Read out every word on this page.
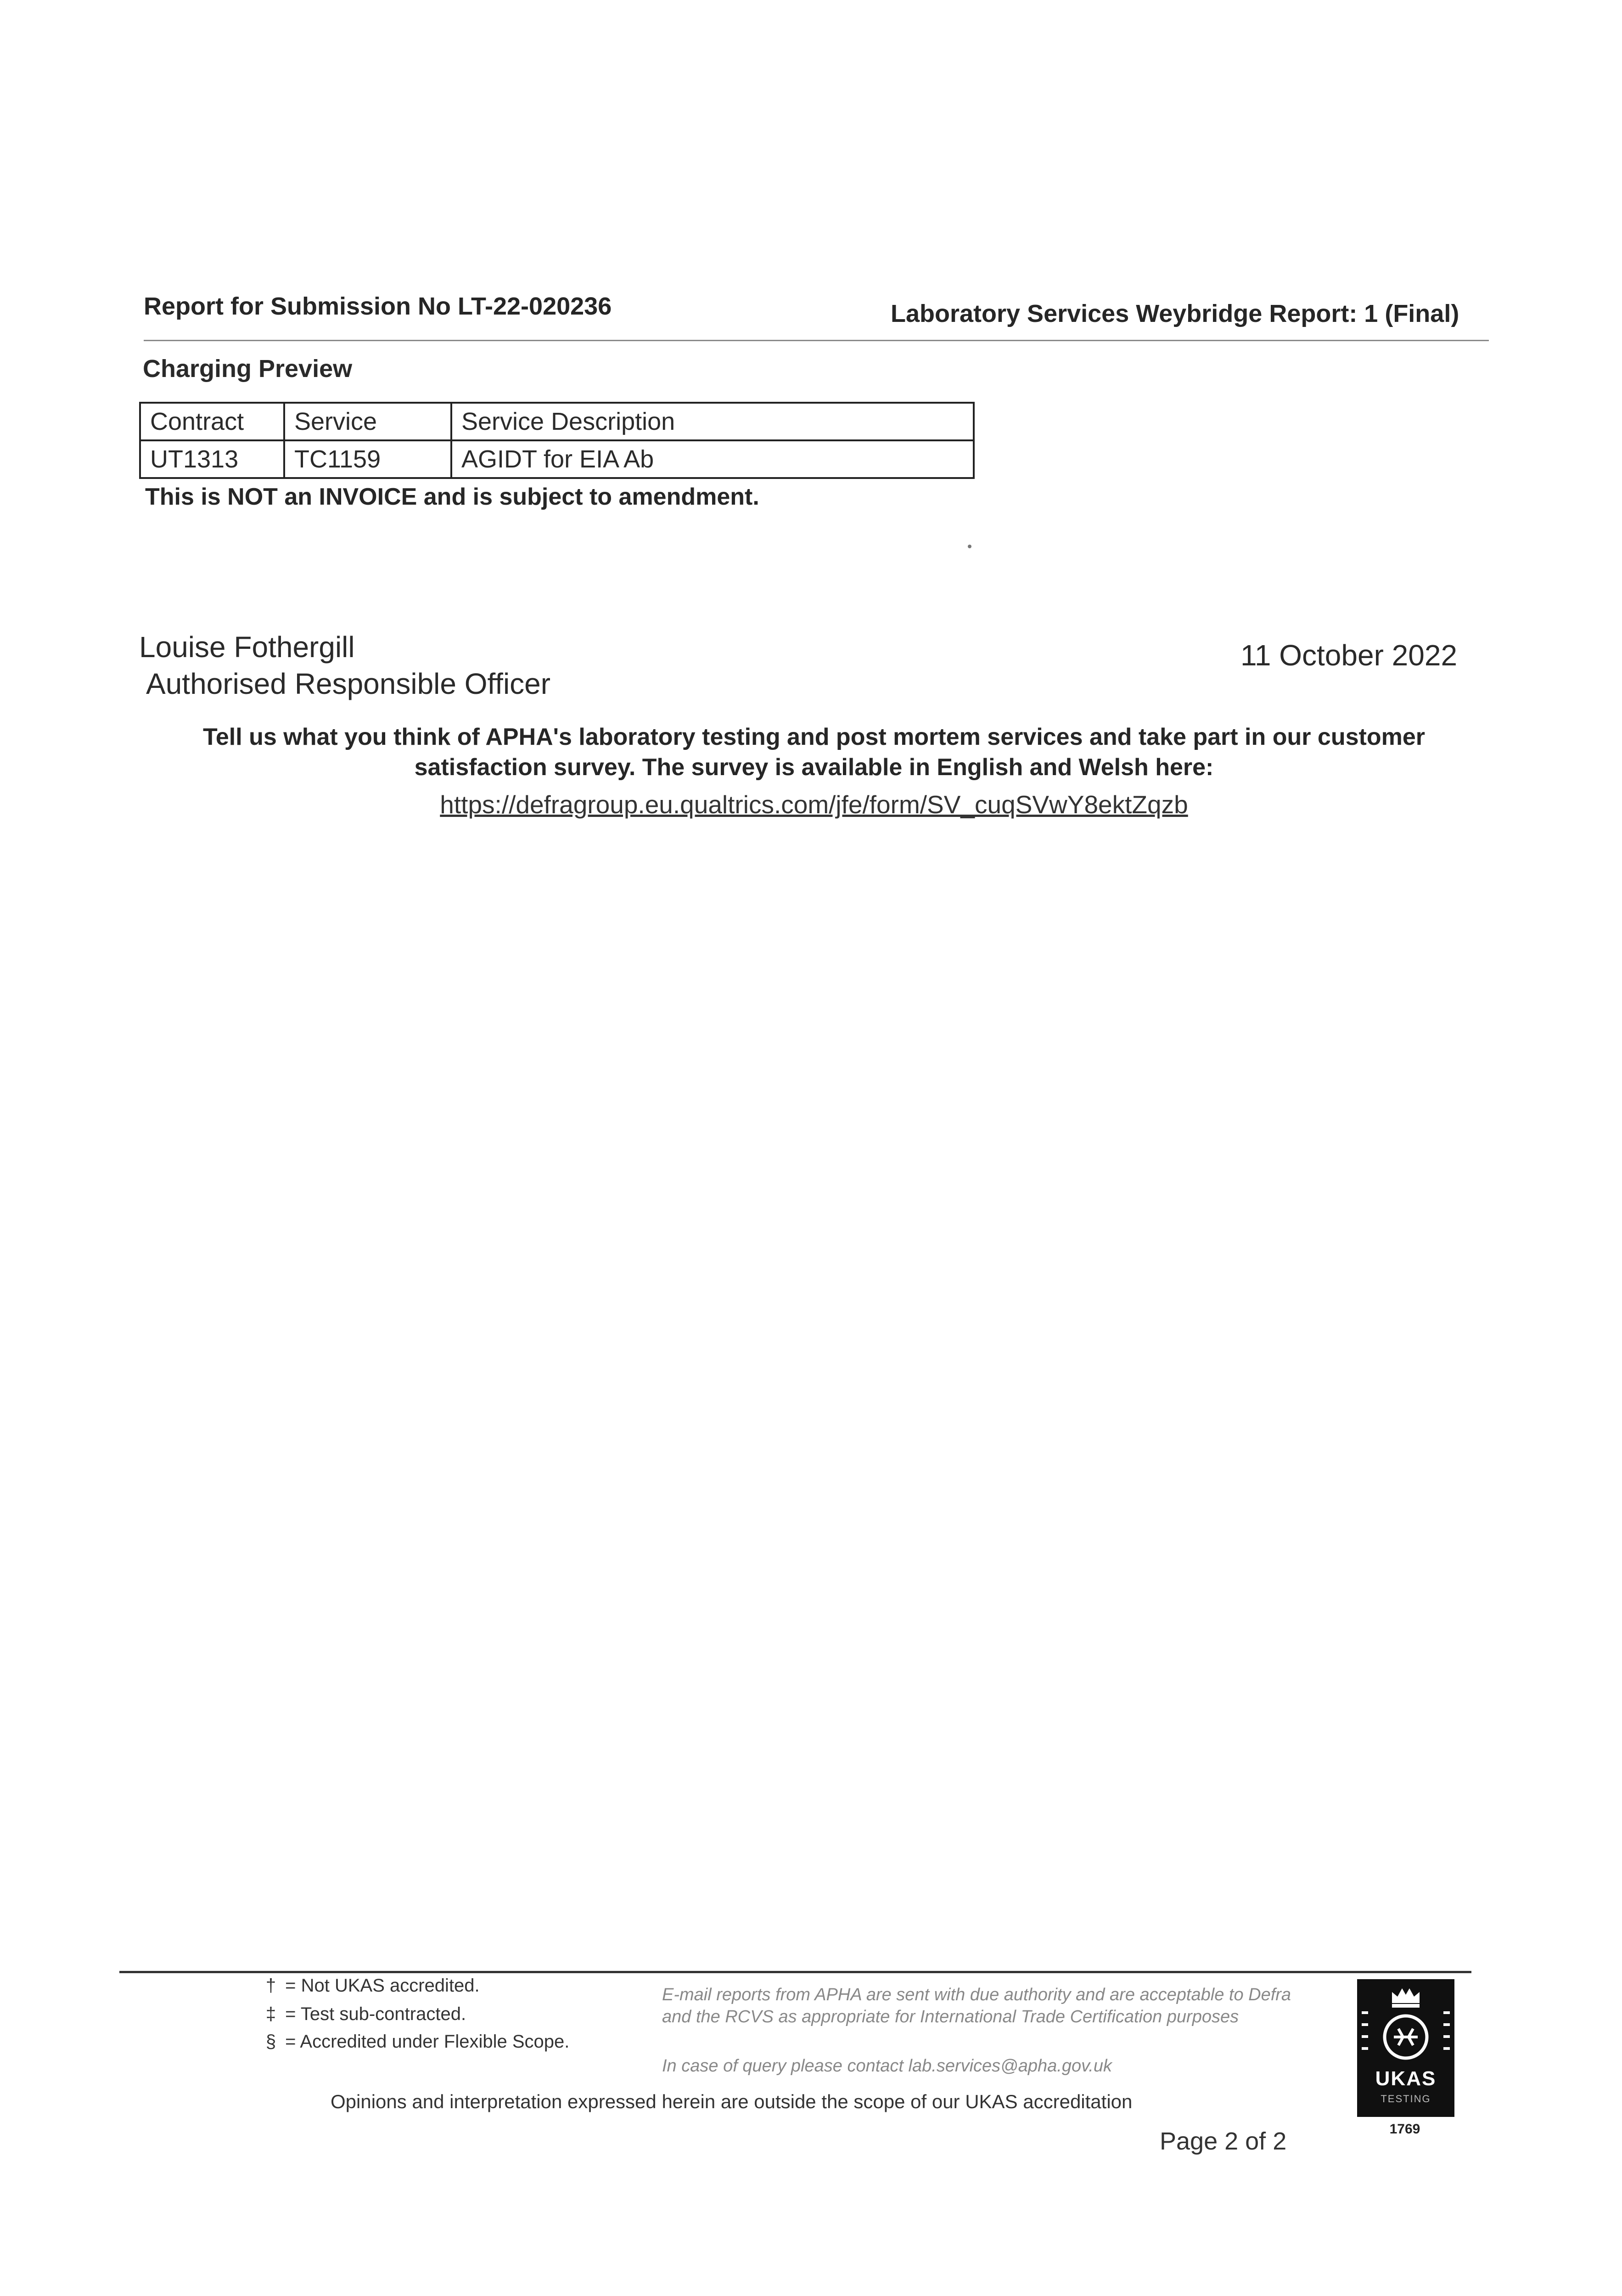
Report for Submission No LT-22-020236	Laboratory Services Weybridge Report: 1 (Final)
Charging Preview
Contract	Service	Service Description
UT1313	TC1159	AGIDT for EIA Ab
This is NOT an INVOICE and is subject to amendment.
Louise Fothergill
Authorised Responsible Officer
11 October 2022
Tell us what you think of APHA's laboratory testing and post mortem services and take part in our customer
satisfaction survey. The survey is available in English and Welsh here:
https://defragroup.eu.qualtrics.com/jfe/form/SV_cuqSVwY8ektZqzb
† = Not UKAS accredited.
‡ = Test sub-contracted.
§ = Accredited under Flexible Scope.
E-mail reports from APHA are sent with due authority and are acceptable to Defra and the RCVS as appropriate for International Trade Certification purposes
In case of query please contact lab.services@apha.gov.uk
Opinions and interpretation expressed herein are outside the scope of our UKAS accreditation
Page 2 of 2
UKAS
TESTING
1769
